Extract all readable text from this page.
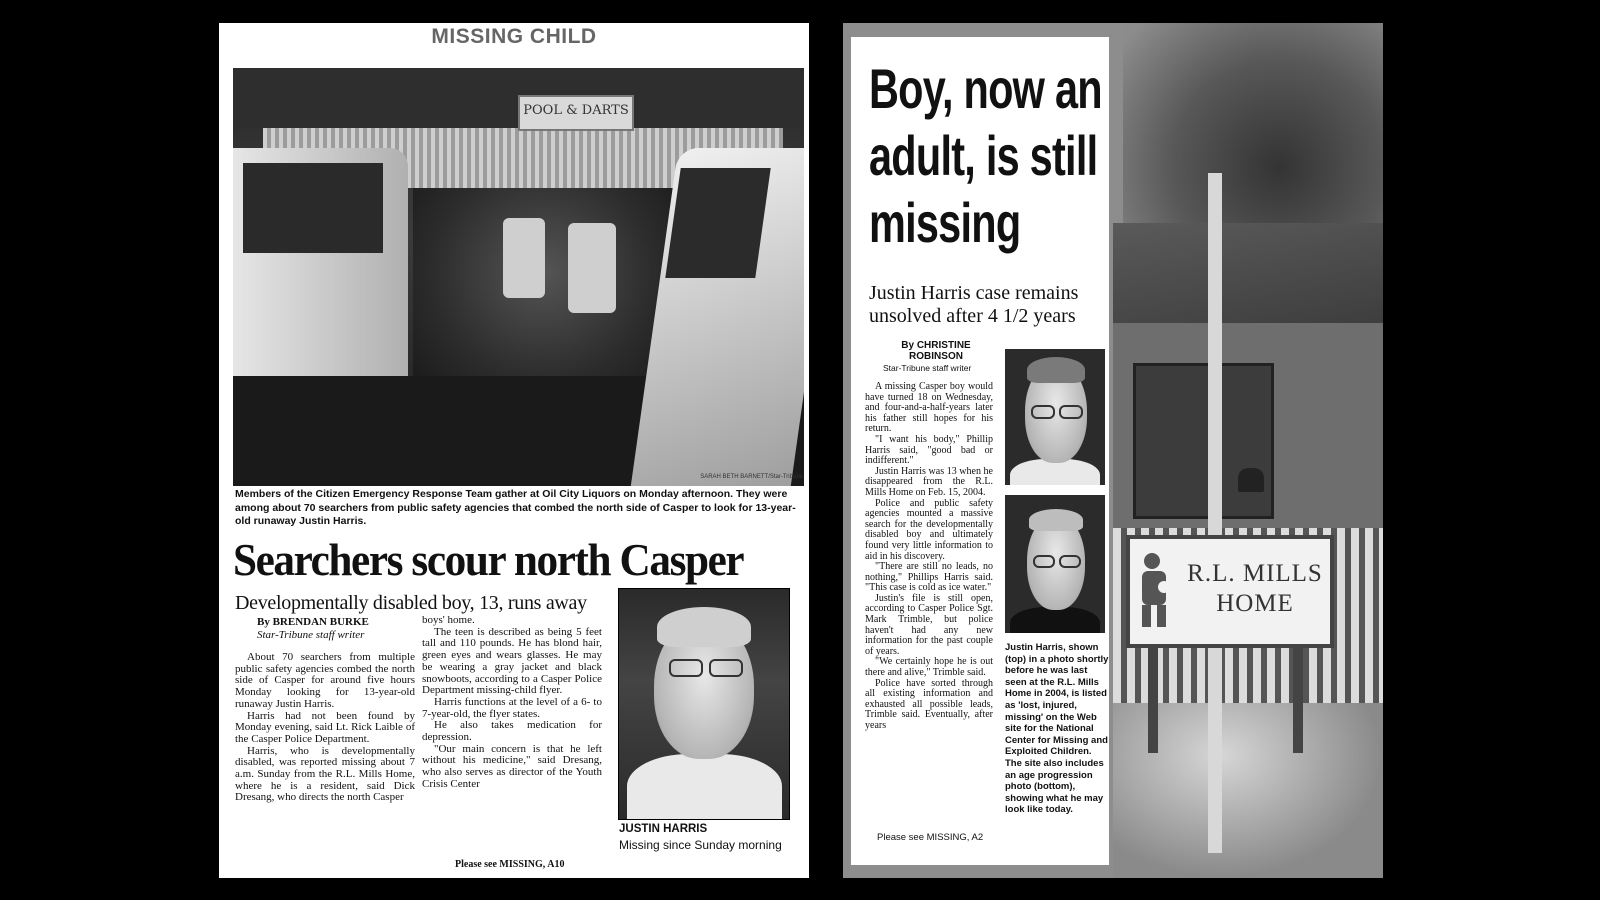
MISSING CHILD
POOL & DARTS
SARAH BETH BARNETT/Star-Tribune
Members of the Citizen Emergency Response Team gather at Oil City Liquors on Monday afternoon. They were among about 70 searchers from public safety agencies that combed the north side of Casper to look for 13-year-old runaway Justin Harris.
Searchers scour north Casper
Developmentally disabled boy, 13, runs away
By BRENDAN BURKE
Star-Tribune staff writer

About 70 searchers from multiple public safety agencies combed the north side of Casper for around five hours Monday looking for 13-year-old runaway Justin Harris.

Harris had not been found by Monday evening, said Lt. Rick Laible of the Casper Police Department.

Harris, who is developmentally disabled, was reported missing about 7 a.m. Sunday from the R.L. Mills Home, where he is a resident, said Dick Dresang, who directs the north Casper

boys' home.

The teen is described as being 5 feet tall and 110 pounds. He has blond hair, green eyes and wears glasses. He may be wearing a gray jacket and black snowboots, according to a Casper Police Department missing-child flyer.

Harris functions at the level of a 6- to 7-year-old, the flyer states.

He also takes medication for depression.

"Our main concern is that he left without his medicine," said Dresang, who also serves as director of the Youth Crisis Center

Please see MISSING, A10
JUSTIN HARRIS
Missing since Sunday morning
R.L. MILLS
HOME
Boy, now an adult, is still missing
Justin Harris case remains unsolved after 4 1/2 years
By CHRISTINE ROBINSON
Star-Tribune staff writer

A missing Casper boy would have turned 18 on Wednesday, and four-and-a-half-years later his father still hopes for his return.

"I want his body," Phillip Harris said, "good bad or indifferent."

Justin Harris was 13 when he disappeared from the R.L. Mills Home on Feb. 15, 2004.

Police and public safety agencies mounted a massive search for the developmentally disabled boy and ultimately found very little information to aid in his discovery.

"There are still no leads, no nothing," Phillips Harris said. "This case is cold as ice water."

Justin's file is still open, according to Casper Police Sgt. Mark Trimble, but police haven't had any new information for the past couple of years.

"We certainly hope he is out there and alive," Trimble said.

Police have sorted through all existing information and exhausted all possible leads, Trimble said. Eventually, after years

Please see MISSING, A2
Justin Harris, shown (top) in a photo shortly before he was last seen at the R.L. Mills Home in 2004, is listed as 'lost, injured, missing' on the Web site for the National Center for Missing and Exploited Children. The site also includes an age progression photo (bottom), showing what he may look like today.
